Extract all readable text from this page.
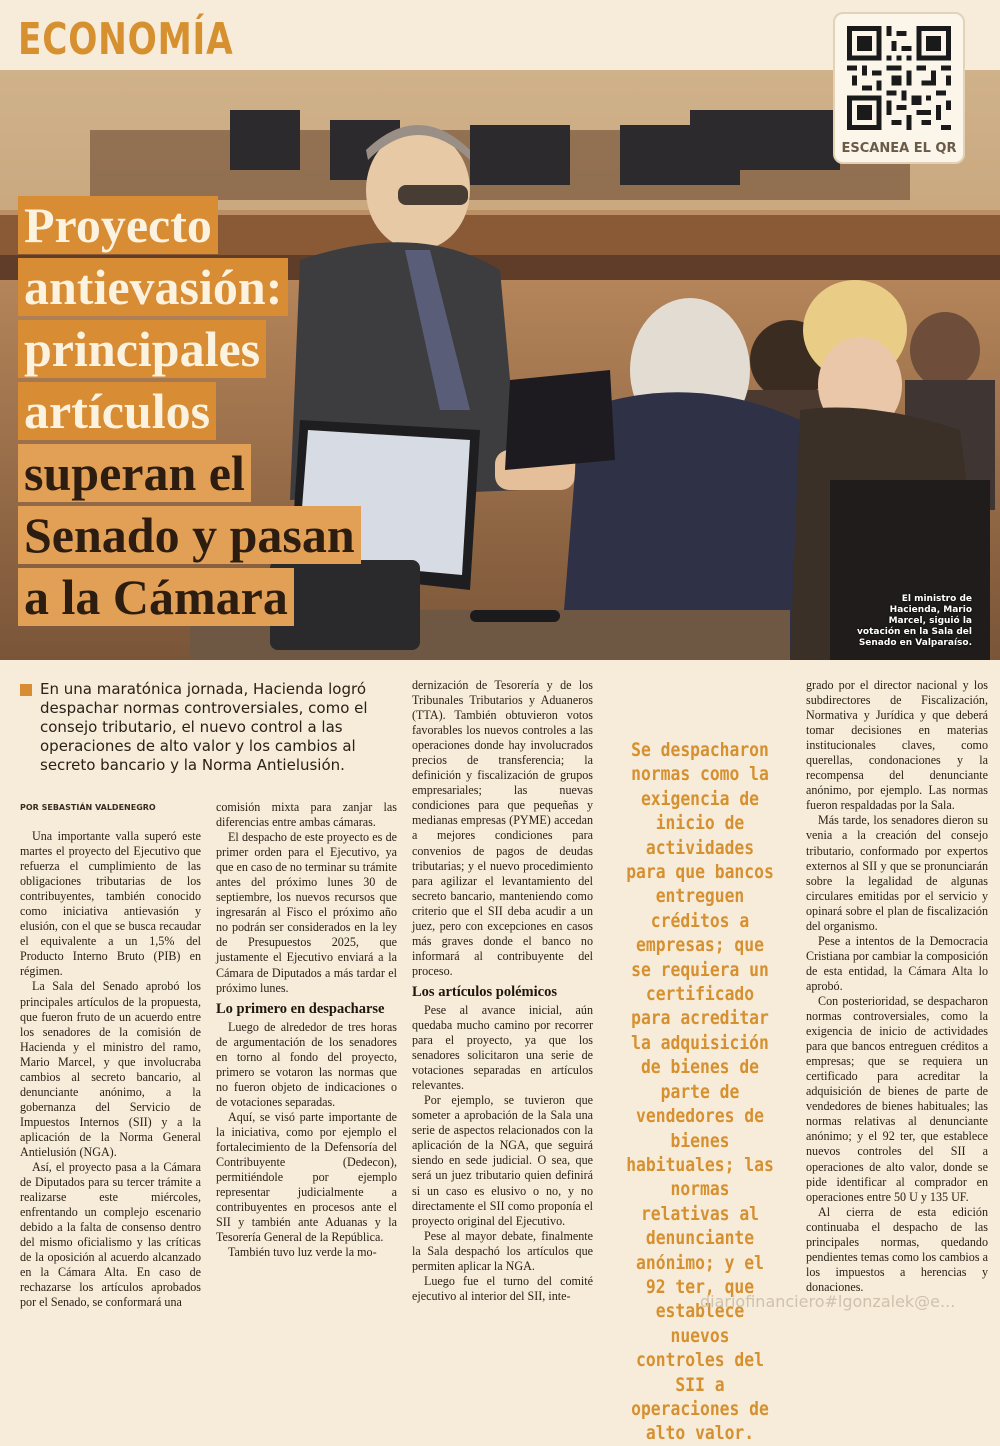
ECONOMÍA
ESCANEA EL QR
Proyecto
antievasión:
principales
artículos
superan el
Senado y pasan
a la Cámara	El ministro de Hacienda, Mario Marcel, siguió la votación en la Sala del Senado en Valparaíso.

En una maratónica jornada, Hacienda logró despachar normas controversiales, como el consejo tributario, el nuevo control a las operaciones de alto valor y los cambios al secreto bancario y la Norma Antielusión.

POR SEBASTIÁN VALDENEGRO

Una importante valla superó este martes el proyecto del Ejecutivo que refuerza el cumplimiento de las obligaciones tributarias de los contribuyentes, también conocido como iniciativa antievasión y elusión, con el que se busca recaudar el equivalente a un 1,5% del Producto Interno Bruto (PIB) en régimen.

La Sala del Senado aprobó los principales artículos de la propuesta, que fueron fruto de un acuerdo entre los senadores de la comisión de Hacienda y el ministro del ramo, Mario Marcel, y que involucraba cambios al secreto bancario, al denunciante anónimo, a la gobernanza del Servicio de Impuestos Internos (SII) y a la aplicación de la Norma General Antielusión (NGA).

Así, el proyecto pasa a la Cámara de Diputados para su tercer trámite a realizarse este miércoles, enfrentando un complejo escenario debido a la falta de consenso dentro del mismo oficialismo y las críticas de la oposición al acuerdo alcanzado en la Cámara Alta. En caso de rechazarse los artículos aprobados por el Senado, se conformará una

comisión mixta para zanjar las diferencias entre ambas cámaras.

El despacho de este proyecto es de primer orden para el Ejecutivo, ya que en caso de no terminar su trámite antes del próximo lunes 30 de septiembre, los nuevos recursos que ingresarán al Fisco el próximo año no podrán ser considerados en la ley de Presupuestos 2025, que justamente el Ejecutivo enviará a la Cámara de Diputados a más tardar el próximo lunes.

Lo primero en despacharse

Luego de alrededor de tres horas de argumentación de los senadores en torno al fondo del proyecto, primero se votaron las normas que no fueron objeto de indicaciones o de votaciones separadas.

Aquí, se visó parte importante de la iniciativa, como por ejemplo el fortalecimiento de la Defensoría del Contribuyente (Dedecon), permitiéndole por ejemplo representar judicialmente a contribuyentes en procesos ante el SII y también ante Aduanas y la Tesorería General de la República.

También tuvo luz verde la mo-

dernización de Tesorería y de los Tribunales Tributarios y Aduaneros (TTA). También obtuvieron votos favorables los nuevos controles a las operaciones donde hay involucrados precios de transferencia; la definición y fiscalización de grupos empresariales; las nuevas condiciones para que pequeñas y medianas empresas (PYME) accedan a mejores condiciones para convenios de pagos de deudas tributarias; y el nuevo procedimiento para agilizar el levantamiento del secreto bancario, manteniendo como criterio que el SII deba acudir a un juez, pero con excepciones en casos más graves donde el banco no informará al contribuyente del proceso.

Los artículos polémicos

Pese al avance inicial, aún quedaba mucho camino por recorrer para el proyecto, ya que los senadores solicitaron una serie de votaciones separadas en artículos relevantes.

Por ejemplo, se tuvieron que someter a aprobación de la Sala una serie de aspectos relacionados con la aplicación de la NGA, que seguirá siendo en sede judicial. O sea, que será un juez tributario quien definirá si un caso es elusivo o no, y no directamente el SII como proponía el proyecto original del Ejecutivo.

Pese al mayor debate, finalmente la Sala despachó los artículos que permiten aplicar la NGA.

Luego fue el turno del comité ejecutivo al interior del SII, inte-

Se despacharon normas como la exigencia de inicio de actividades para que bancos entreguen créditos a empresas; que se requiera un certificado para acreditar la adquisición de bienes de parte de vendedores de bienes habituales; las normas relativas al denunciante anónimo; y el 92 ter, que establece nuevos controles del SII a operaciones de alto valor.

grado por el director nacional y los subdirectores de Fiscalización, Normativa y Jurídica y que deberá tomar decisiones en materias institucionales claves, como querellas, condonaciones y la recompensa del denunciante anónimo, por ejemplo. Las normas fueron respaldadas por la Sala.

Más tarde, los senadores dieron su venia a la creación del consejo tributario, conformado por expertos externos al SII y que se pronunciarán sobre la legalidad de algunas circulares emitidas por el servicio y opinará sobre el plan de fiscalización del organismo.

Pese a intentos de la Democracia Cristiana por cambiar la composición de esta entidad, la Cámara Alta lo aprobó.

Con posterioridad, se despacharon normas controversiales, como la exigencia de inicio de actividades para que bancos entreguen créditos a empresas; que se requiera un certificado para acreditar la adquisición de bienes de parte de vendedores de bienes habituales; las normas relativas al denunciante anónimo; y el 92 ter, que establece nuevos controles del SII a operaciones de alto valor, donde se pide identificar al comprador en operaciones entre 50 U y 135 UF.

Al cierra de esta edición continuaba el despacho de las principales normas, quedando pendientes temas como los cambios a los impuestos a herencias y donaciones.

diariofinanciero#lgonzalek@e...
